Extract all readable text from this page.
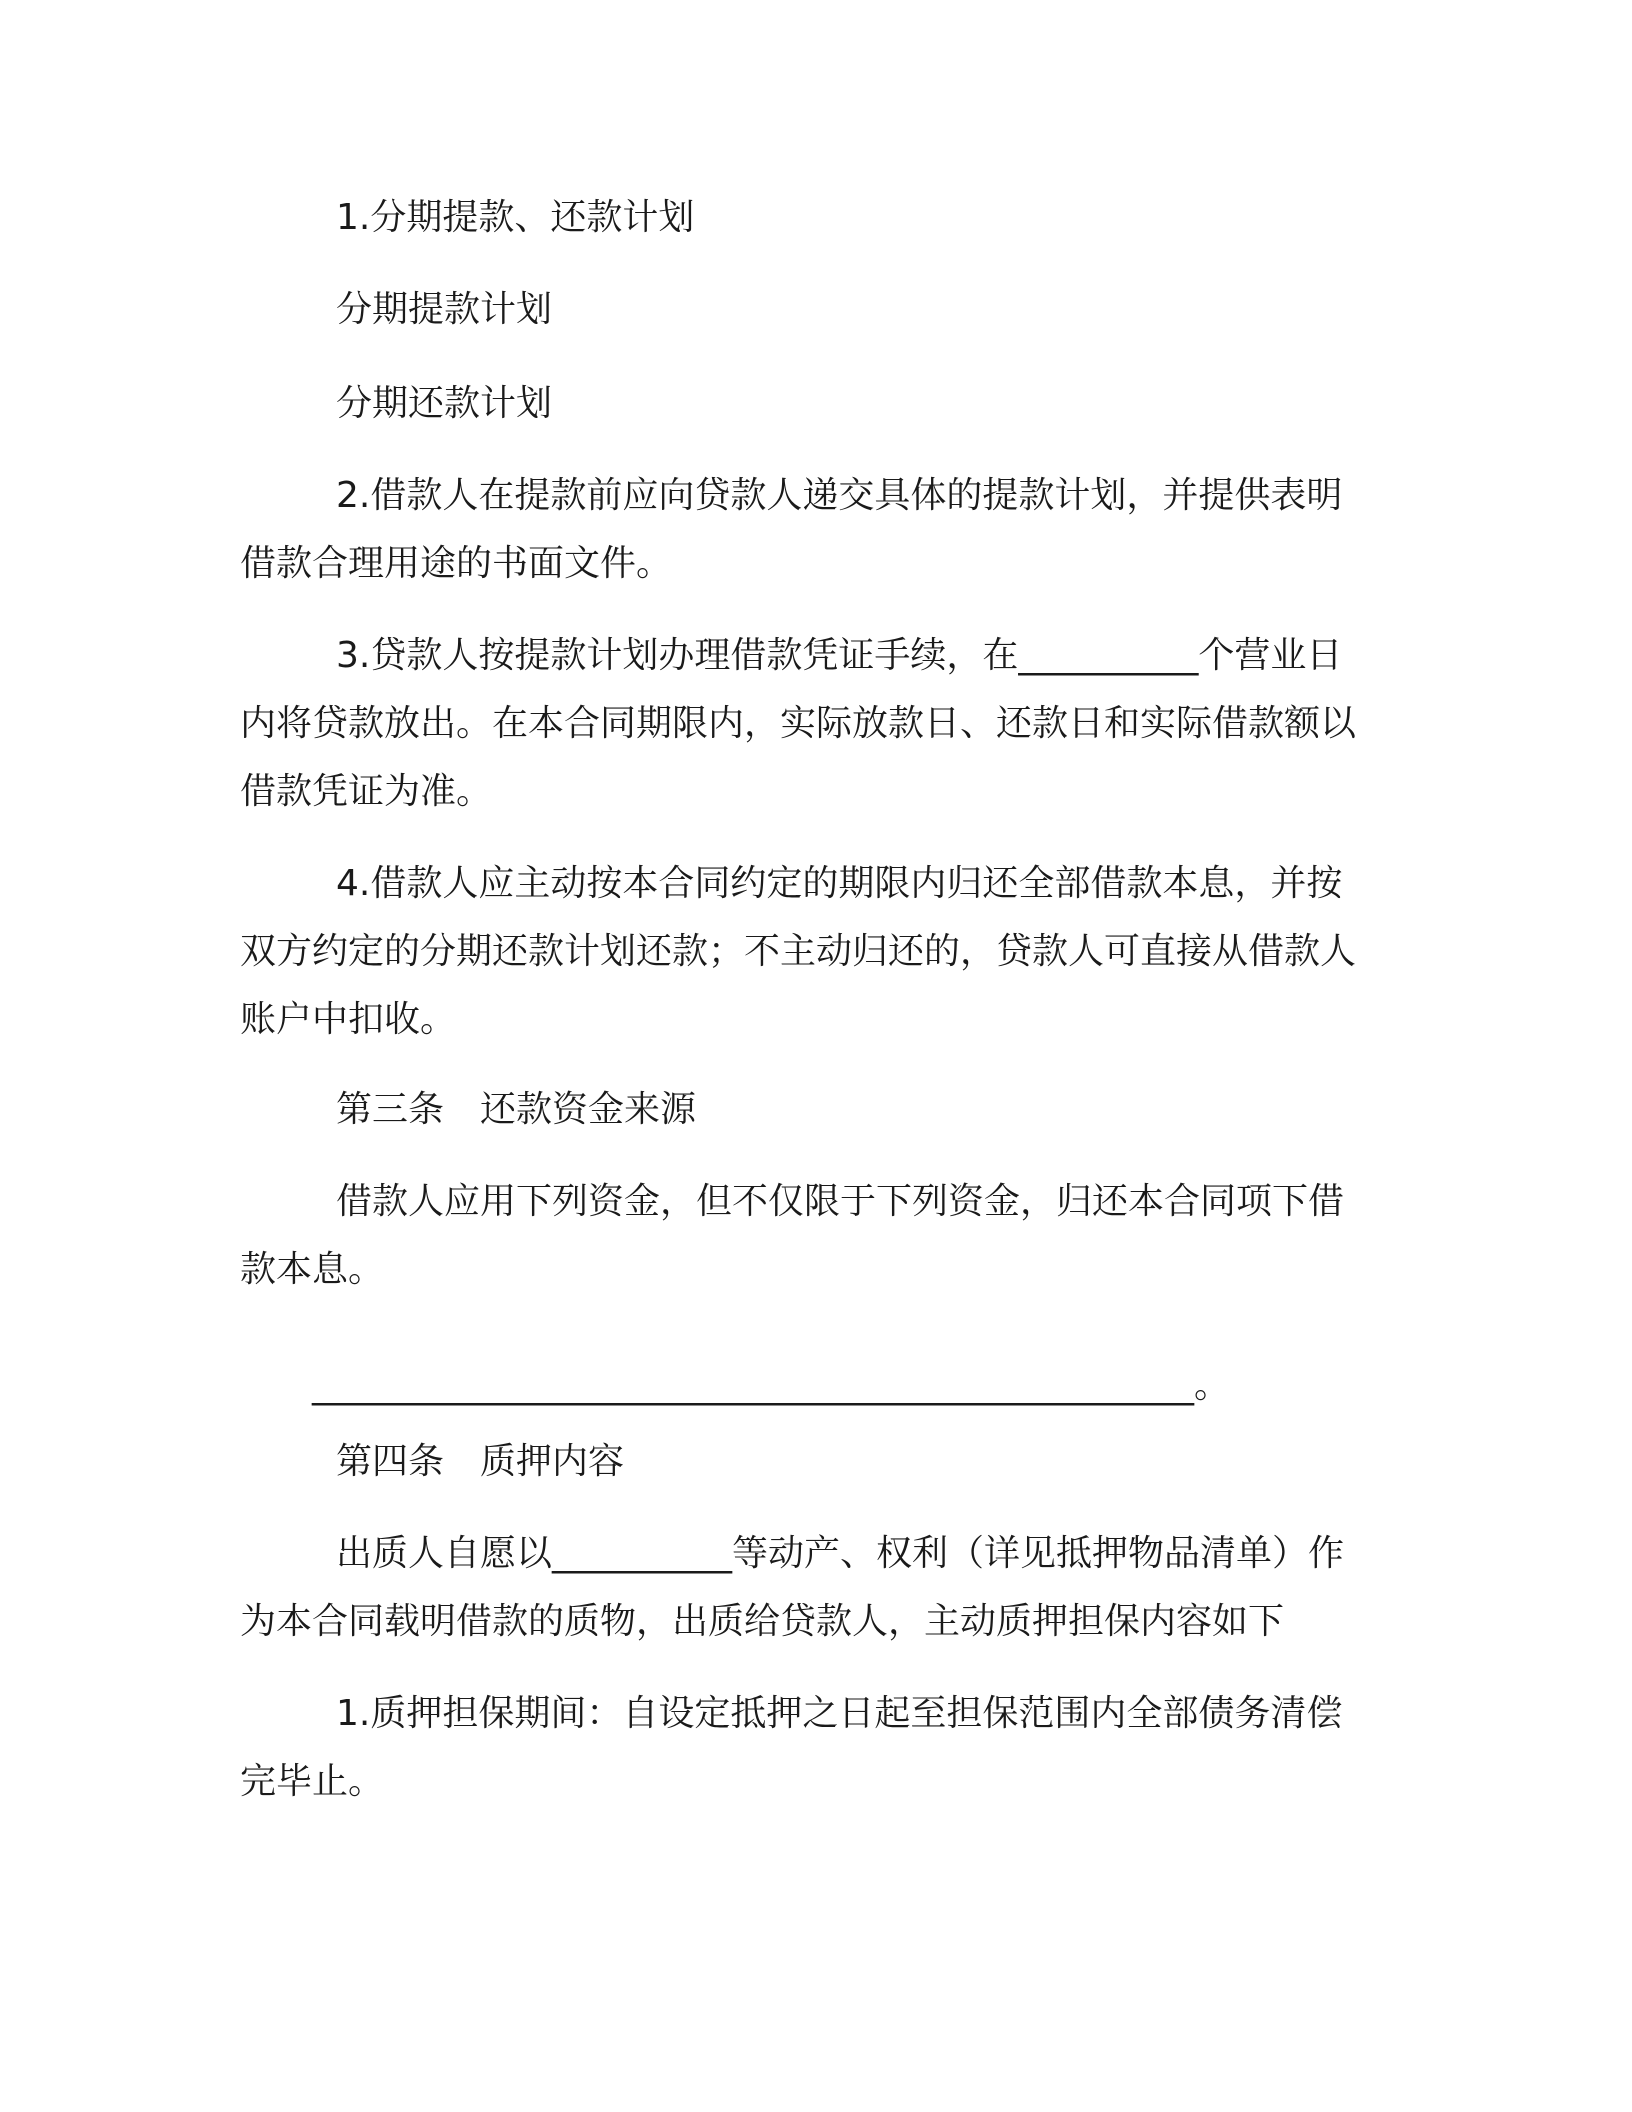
1.分期提款、还款计划

分期提款计划

分期还款计划

2.借款人在提款前应向贷款人递交具体的提款计划，并提供表明借款合理用途的书面文件。

3.贷款人按提款计划办理借款凭证手续，在__________个营业日内将贷款放出。在本合同期限内，实际放款日、还款日和实际借款额以借款凭证为准。

4.借款人应主动按本合同约定的期限内归还全部借款本息，并按双方约定的分期还款计划还款；不主动归还的，贷款人可直接从借款人账户中扣收。

第三条　还款资金来源

借款人应用下列资金，但不仅限于下列资金，归还本合同项下借款本息。

_________________________________________________。

第四条　质押内容

出质人自愿以__________等动产、权利（详见抵押物品清单）作为本合同载明借款的质物，出质给贷款人，主动质押担保内容如下

1.质押担保期间：自设定抵押之日起至担保范围内全部债务清偿完毕止。
